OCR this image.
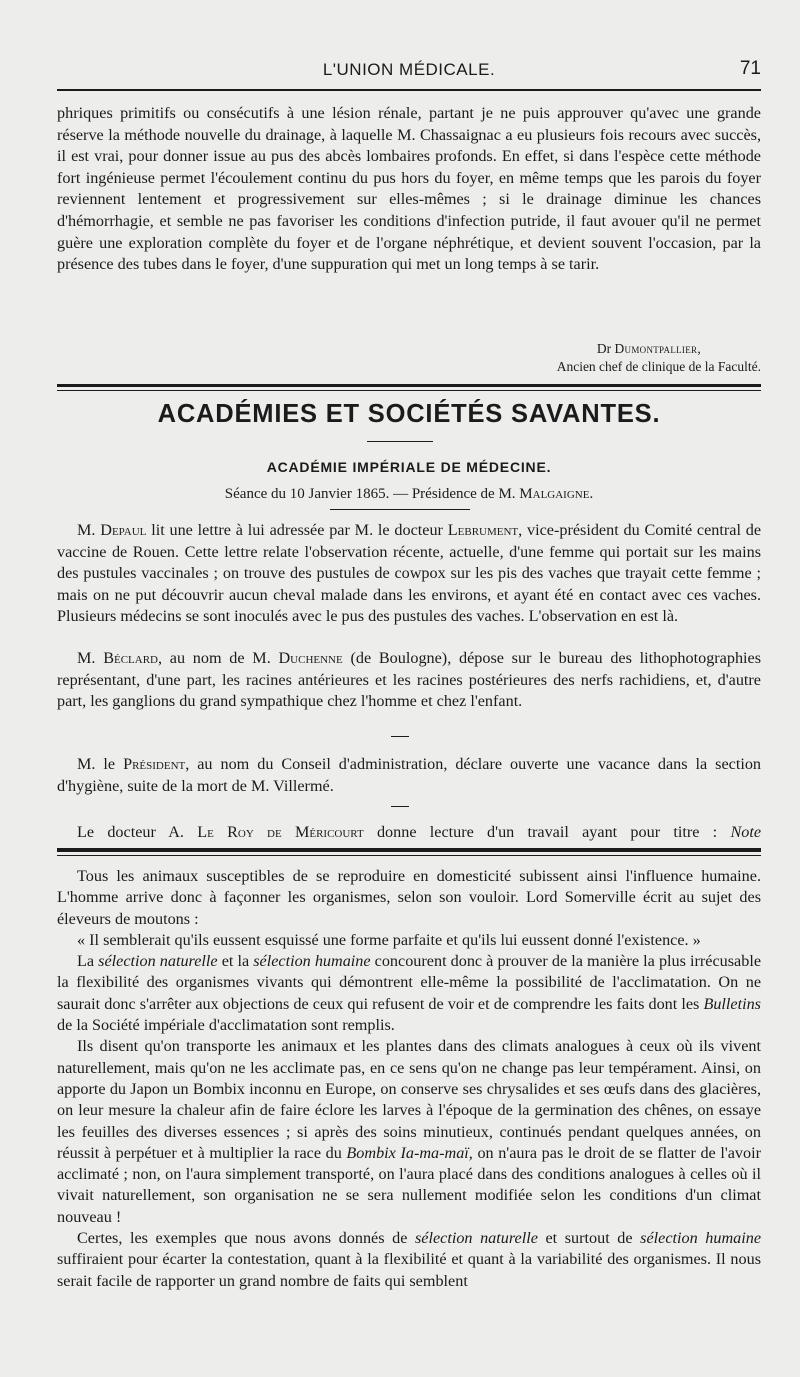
L'UNION MÉDICALE.	71

phriques primitifs ou consécutifs à une lésion rénale, partant je ne puis approuver qu'avec une grande réserve la méthode nouvelle du drainage, à laquelle M. Chassaignac a eu plusieurs fois recours avec succès, il est vrai, pour donner issue au pus des abcès lombaires profonds. En effet, si dans l'espèce cette méthode fort ingénieuse permet l'écoulement continu du pus hors du foyer, en même temps que les parois du foyer reviennent lentement et progressivement sur elles-mêmes ; si le drainage diminue les chances d'hémorrhagie, et semble ne pas favoriser les conditions d'infection putride, il faut avouer qu'il ne permet guère une exploration complète du foyer et de l'organe néphrétique, et devient souvent l'occasion, par la présence des tubes dans le foyer, d'une suppuration qui met un long temps à se tarir.

Dr Dumontpallier,

Ancien chef de clinique de la Faculté.

ACADÉMIES ET SOCIÉTÉS SAVANTES.
ACADÉMIE IMPÉRIALE DE MÉDECINE.
Séance du 10 Janvier 1865. — Présidence de M. Malgaigne.

M. Depaul lit une lettre à lui adressée par M. le docteur Lebrument, vice-président du Comité central de vaccine de Rouen. Cette lettre relate l'observation récente, actuelle, d'une femme qui portait sur les mains des pustules vaccinales ; on trouve des pustules de cowpox sur les pis des vaches que trayait cette femme ; mais on ne put découvrir aucun cheval malade dans les environs, et ayant été en contact avec ces vaches. Plusieurs médecins se sont inoculés avec le pus des pustules des vaches. L'observation en est là.

M. Béclard, au nom de M. Duchenne (de Boulogne), dépose sur le bureau des lithophotographies représentant, d'une part, les racines antérieures et les racines postérieures des nerfs rachidiens, et, d'autre part, les ganglions du grand sympathique chez l'homme et chez l'enfant.

M. le Président, au nom du Conseil d'administration, déclare ouverte une vacance dans la section d'hygiène, suite de la mort de M. Villermé.

Le docteur A. Le Roy de Méricourt donne lecture d'un travail ayant pour titre : Note

Tous les animaux susceptibles de se reproduire en domesticité subissent ainsi l'influence humaine. L'homme arrive donc à façonner les organismes, selon son vouloir. Lord Somerville écrit au sujet des éleveurs de moutons :

« Il semblerait qu'ils eussent esquissé une forme parfaite et qu'ils lui eussent donné l'existence. »

La sélection naturelle et la sélection humaine concourent donc à prouver de la manière la plus irrécusable la flexibilité des organismes vivants qui démontrent elle-même la possibilité de l'acclimatation. On ne saurait donc s'arrêter aux objections de ceux qui refusent de voir et de comprendre les faits dont les Bulletins de la Société impériale d'acclimatation sont remplis.

Ils disent qu'on transporte les animaux et les plantes dans des climats analogues à ceux où ils vivent naturellement, mais qu'on ne les acclimate pas, en ce sens qu'on ne change pas leur tempérament. Ainsi, on apporte du Japon un Bombix inconnu en Europe, on conserve ses chrysalides et ses œufs dans des glacières, on leur mesure la chaleur afin de faire éclore les larves à l'époque de la germination des chênes, on essaye les feuilles des diverses essences ; si après des soins minutieux, continués pendant quelques années, on réussit à perpétuer et à multiplier la race du Bombix Ia-ma-maï, on n'aura pas le droit de se flatter de l'avoir acclimaté ; non, on l'aura simplement transporté, on l'aura placé dans des conditions analogues à celles où il vivait naturellement, son organisation ne se sera nullement modifiée selon les conditions d'un climat nouveau !

Certes, les exemples que nous avons donnés de sélection naturelle et surtout de sélection humaine suffiraient pour écarter la contestation, quant à la flexibilité et quant à la variabilité des organismes. Il nous serait facile de rapporter un grand nombre de faits qui semblent
